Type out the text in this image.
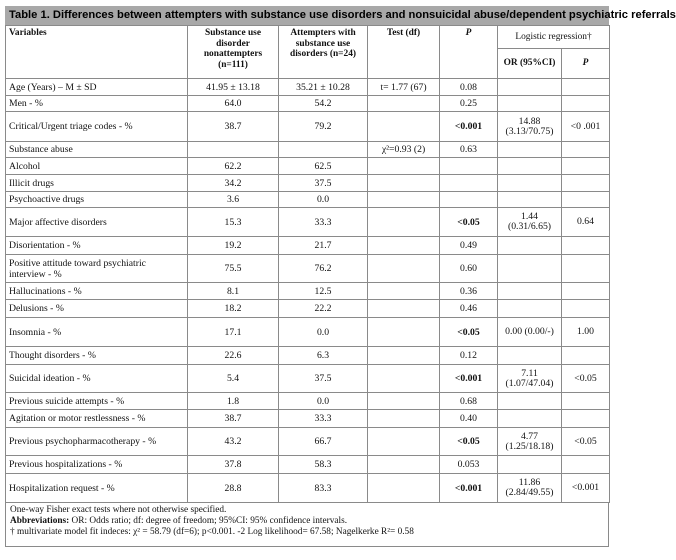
Table 1. Differences between attempters with substance use disorders and nonsuicidal abuse/dependent psychiatric referrals
Variables	Substance use disorder nonattempters (n=111)	Attempters with substance use disorders (n=24)	Test (df)	P	Logistic regression†	
					OR (95%CI)	P
Age (Years) – M ± SD	41.95 ± 13.18	35.21 ± 10.28	t= 1.77 (67)	0.08		
Men - %	64.0	54.2		0.25		
Critical/Urgent triage codes - %	38.7	79.2		<0.001	14.88 (3.13/70.75)	<0 .001
Substance abuse			χ²=0.93 (2)	0.63		
Alcohol	62.2	62.5				
Illicit drugs	34.2	37.5				
Psychoactive drugs	3.6	0.0				
Major affective disorders	15.3	33.3		<0.05	1.44 (0.31/6.65)	0.64
Disorientation - %	19.2	21.7		0.49		
Positive attitude toward psychiatric interview - %	75.5	76.2		0.60		
Hallucinations - %	8.1	12.5		0.36		
Delusions - %	18.2	22.2		0.46		
Insomnia - %	17.1	0.0		<0.05	0.00 (0.00/-)	1.00
Thought disorders - %	22.6	6.3		0.12		
Suicidal ideation - %	5.4	37.5		<0.001	7.11 (1.07/47.04)	<0.05
Previous suicide attempts - %	1.8	0.0		0.68		
Agitation or motor restlessness - %	38.7	33.3		0.40		
Previous psychopharmacotherapy - %	43.2	66.7		<0.05	4.77 (1.25/18.18)	<0.05
Previous hospitalizations - %	37.8	58.3		0.053		
Hospitalization request - %	28.8	83.3		<0.001	11.86 (2.84/49.55)	<0.001
One-way Fisher exact tests where not otherwise specified.
Abbreviations: OR: Odds ratio; df: degree of freedom; 95%CI: 95% confidence intervals.
† multivariate model fit indeces: χ² = 58.79 (df=6); p<0.001. -2 Log likelihood= 67.58; Nagelkerke R²= 0.58
